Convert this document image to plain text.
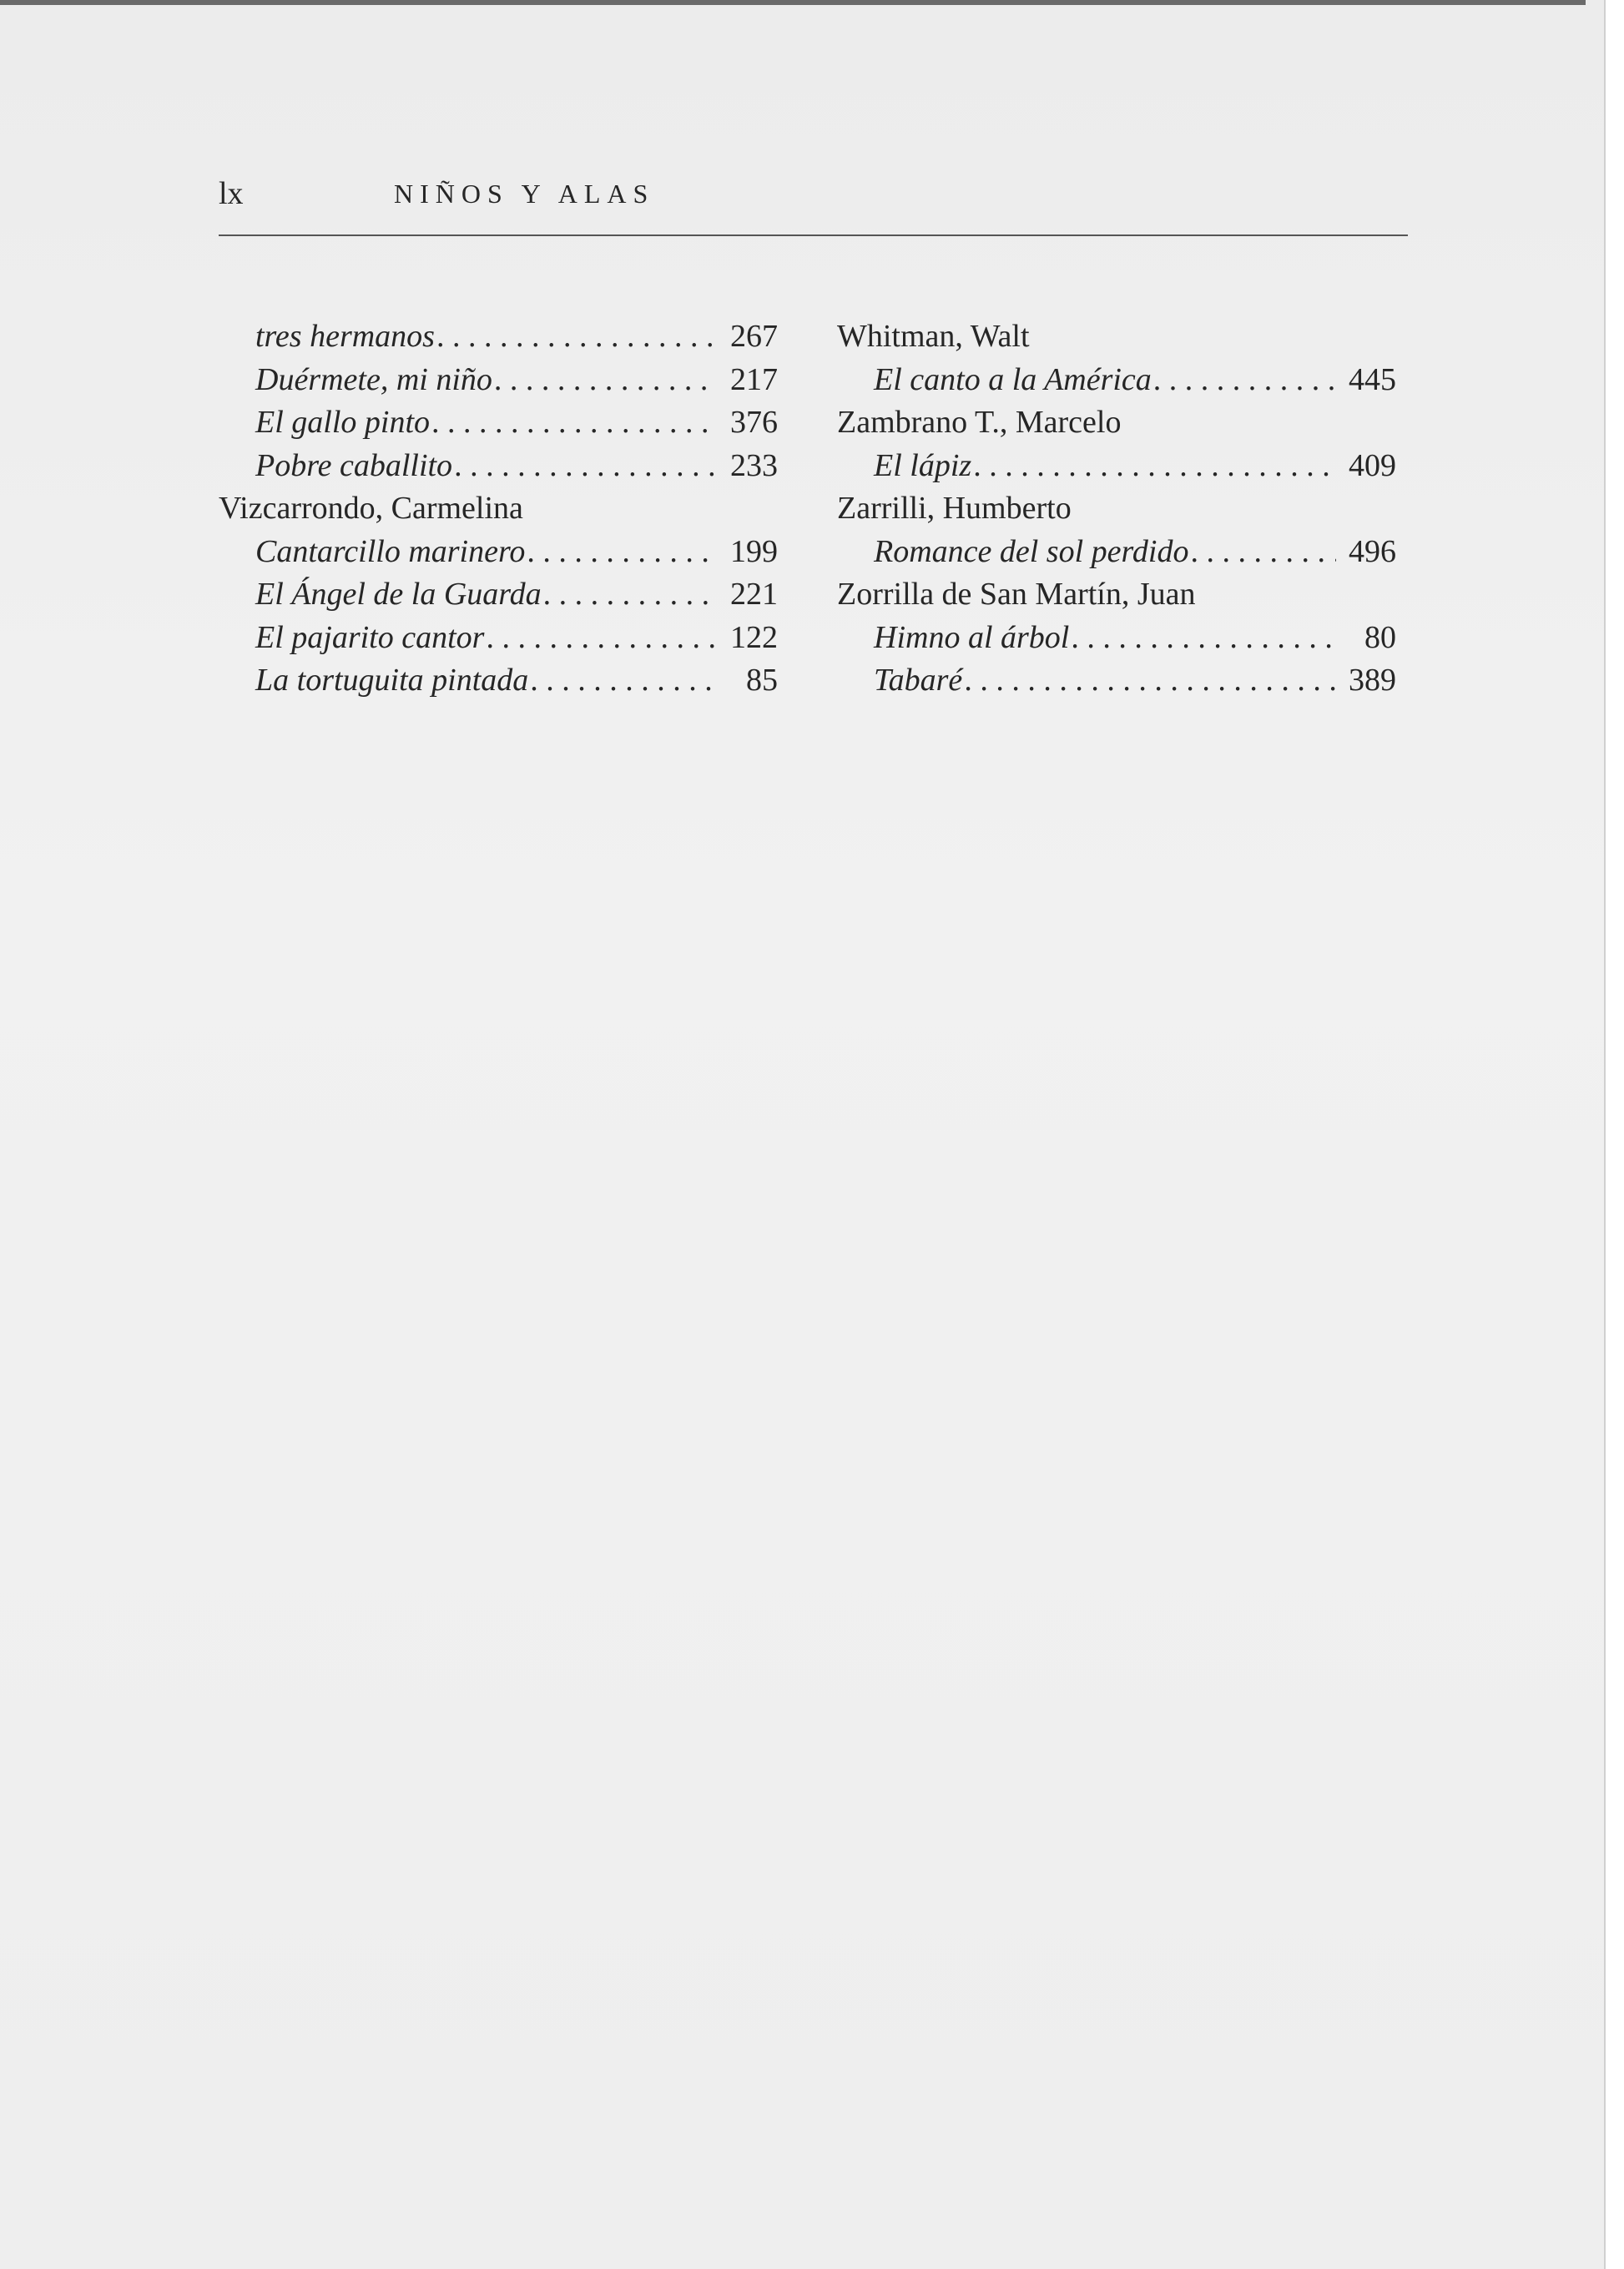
lx	NIÑOS Y ALAS
tres hermanos . . .	267
Duérmete, mi niño . . .	217
El gallo pinto . . .	376
Pobre caballito . . .	233
Vizcarrondo, Carmelina
Cantarcillo marinero . . .	199
El Ángel de la Guarda . . .	221
El pajarito cantor . . .	122
La tortuguita pintada . . .	85
Whitman, Walt
El canto a la América . . .	445
Zambrano T., Marcelo
El lápiz . . .	409
Zarrilli, Humberto
Romance del sol perdido . . .	496
Zorrilla de San Martín, Juan
Himno al árbol . . .	80
Tabaré . . .	389
